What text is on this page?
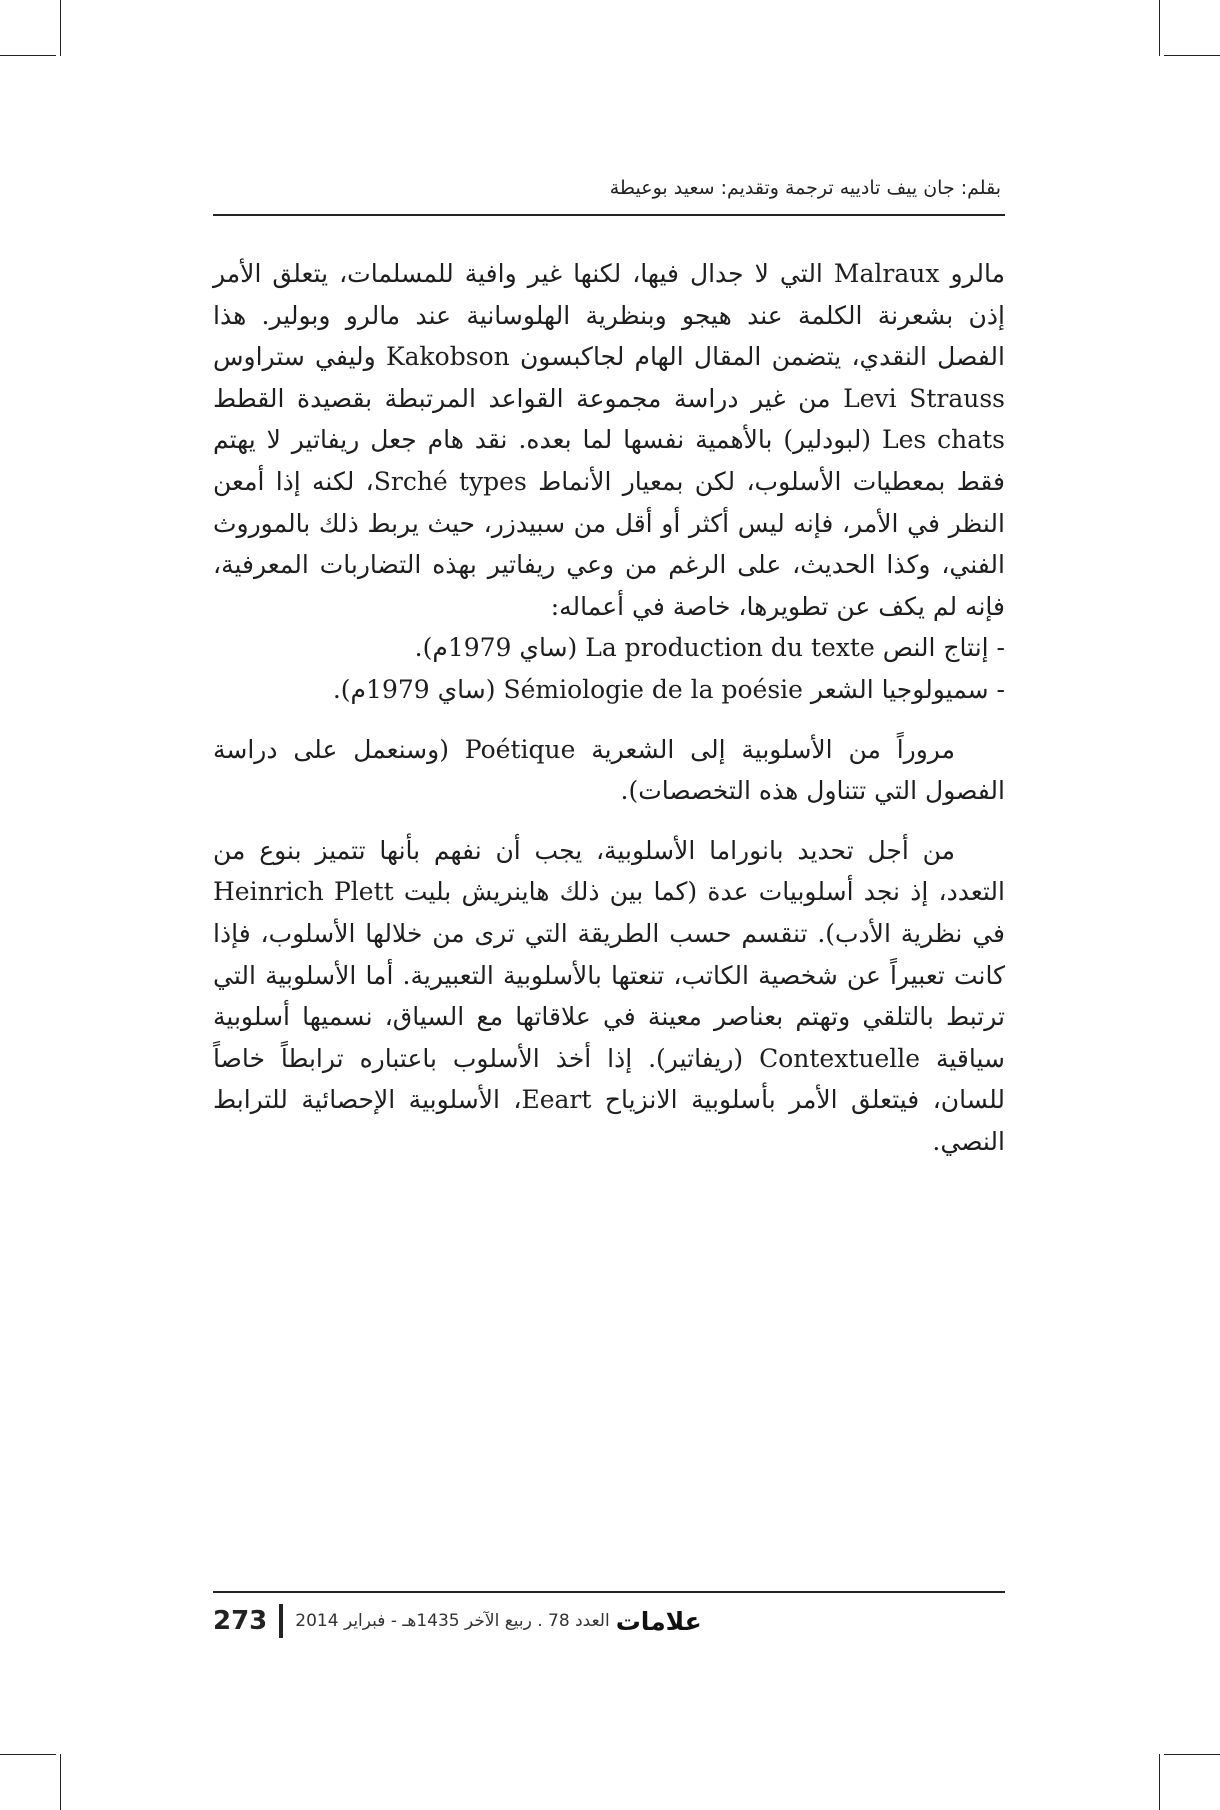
بقلم: جان ييف تادييه ترجمة وتقديم: سعيد بوعيطة

مالرو Malraux التي لا جدال فيها، لكنها غير وافية للمسلمات، يتعلق الأمر إذن بشعرنة الكلمة عند هيجو وبنظرية الهلوسانية عند مالرو وبولير. هذا الفصل النقدي، يتضمن المقال الهام لجاكبسون Kakobson وليفي ستراوس Levi Strauss من غير دراسة مجموعة القواعد المرتبطة بقصيدة القطط Les chats (لبودلير) بالأهمية نفسها لما بعده. نقد هام جعل ريفاتير لا يهتم فقط بمعطيات الأسلوب، لكن بمعيار الأنماط Srché types، لكنه إذا أمعن النظر في الأمر، فإنه ليس أكثر أو أقل من سبيدزر، حيث يربط ذلك بالموروث الفني، وكذا الحديث، على الرغم من وعي ريفاتير بهذه التضاربات المعرفية، فإنه لم يكف عن تطويرها، خاصة في أعماله:

- إنتاج النص La production du texte (ساي 1979م).

- سميولوجيا الشعر Sémiologie de la poésie (ساي 1979م).

مروراً من الأسلوبية إلى الشعرية Poétique (وسنعمل على دراسة الفصول التي تتناول هذه التخصصات).

من أجل تحديد بانوراما الأسلوبية، يجب أن نفهم بأنها تتميز بنوع من التعدد، إذ نجد أسلوبيات عدة (كما بين ذلك هاينريش بليت Heinrich Plett في نظرية الأدب). تنقسم حسب الطريقة التي ترى من خلالها الأسلوب، فإذا كانت تعبيراً عن شخصية الكاتب، تنعتها بالأسلوبية التعبيرية. أما الأسلوبية التي ترتبط بالتلقي وتهتم بعناصر معينة في علاقاتها مع السياق، نسميها أسلوبية سياقية Contextuelle (ريفاتير). إذا أخذ الأسلوب باعتباره ترابطاً خاصاً للسان، فيتعلق الأمر بأسلوبية الانزياح Eeart، الأسلوبية الإحصائية للترابط النصي.

273	العدد 78 . ربيع الآخر 1435هـ - فبراير 2014 علامات
